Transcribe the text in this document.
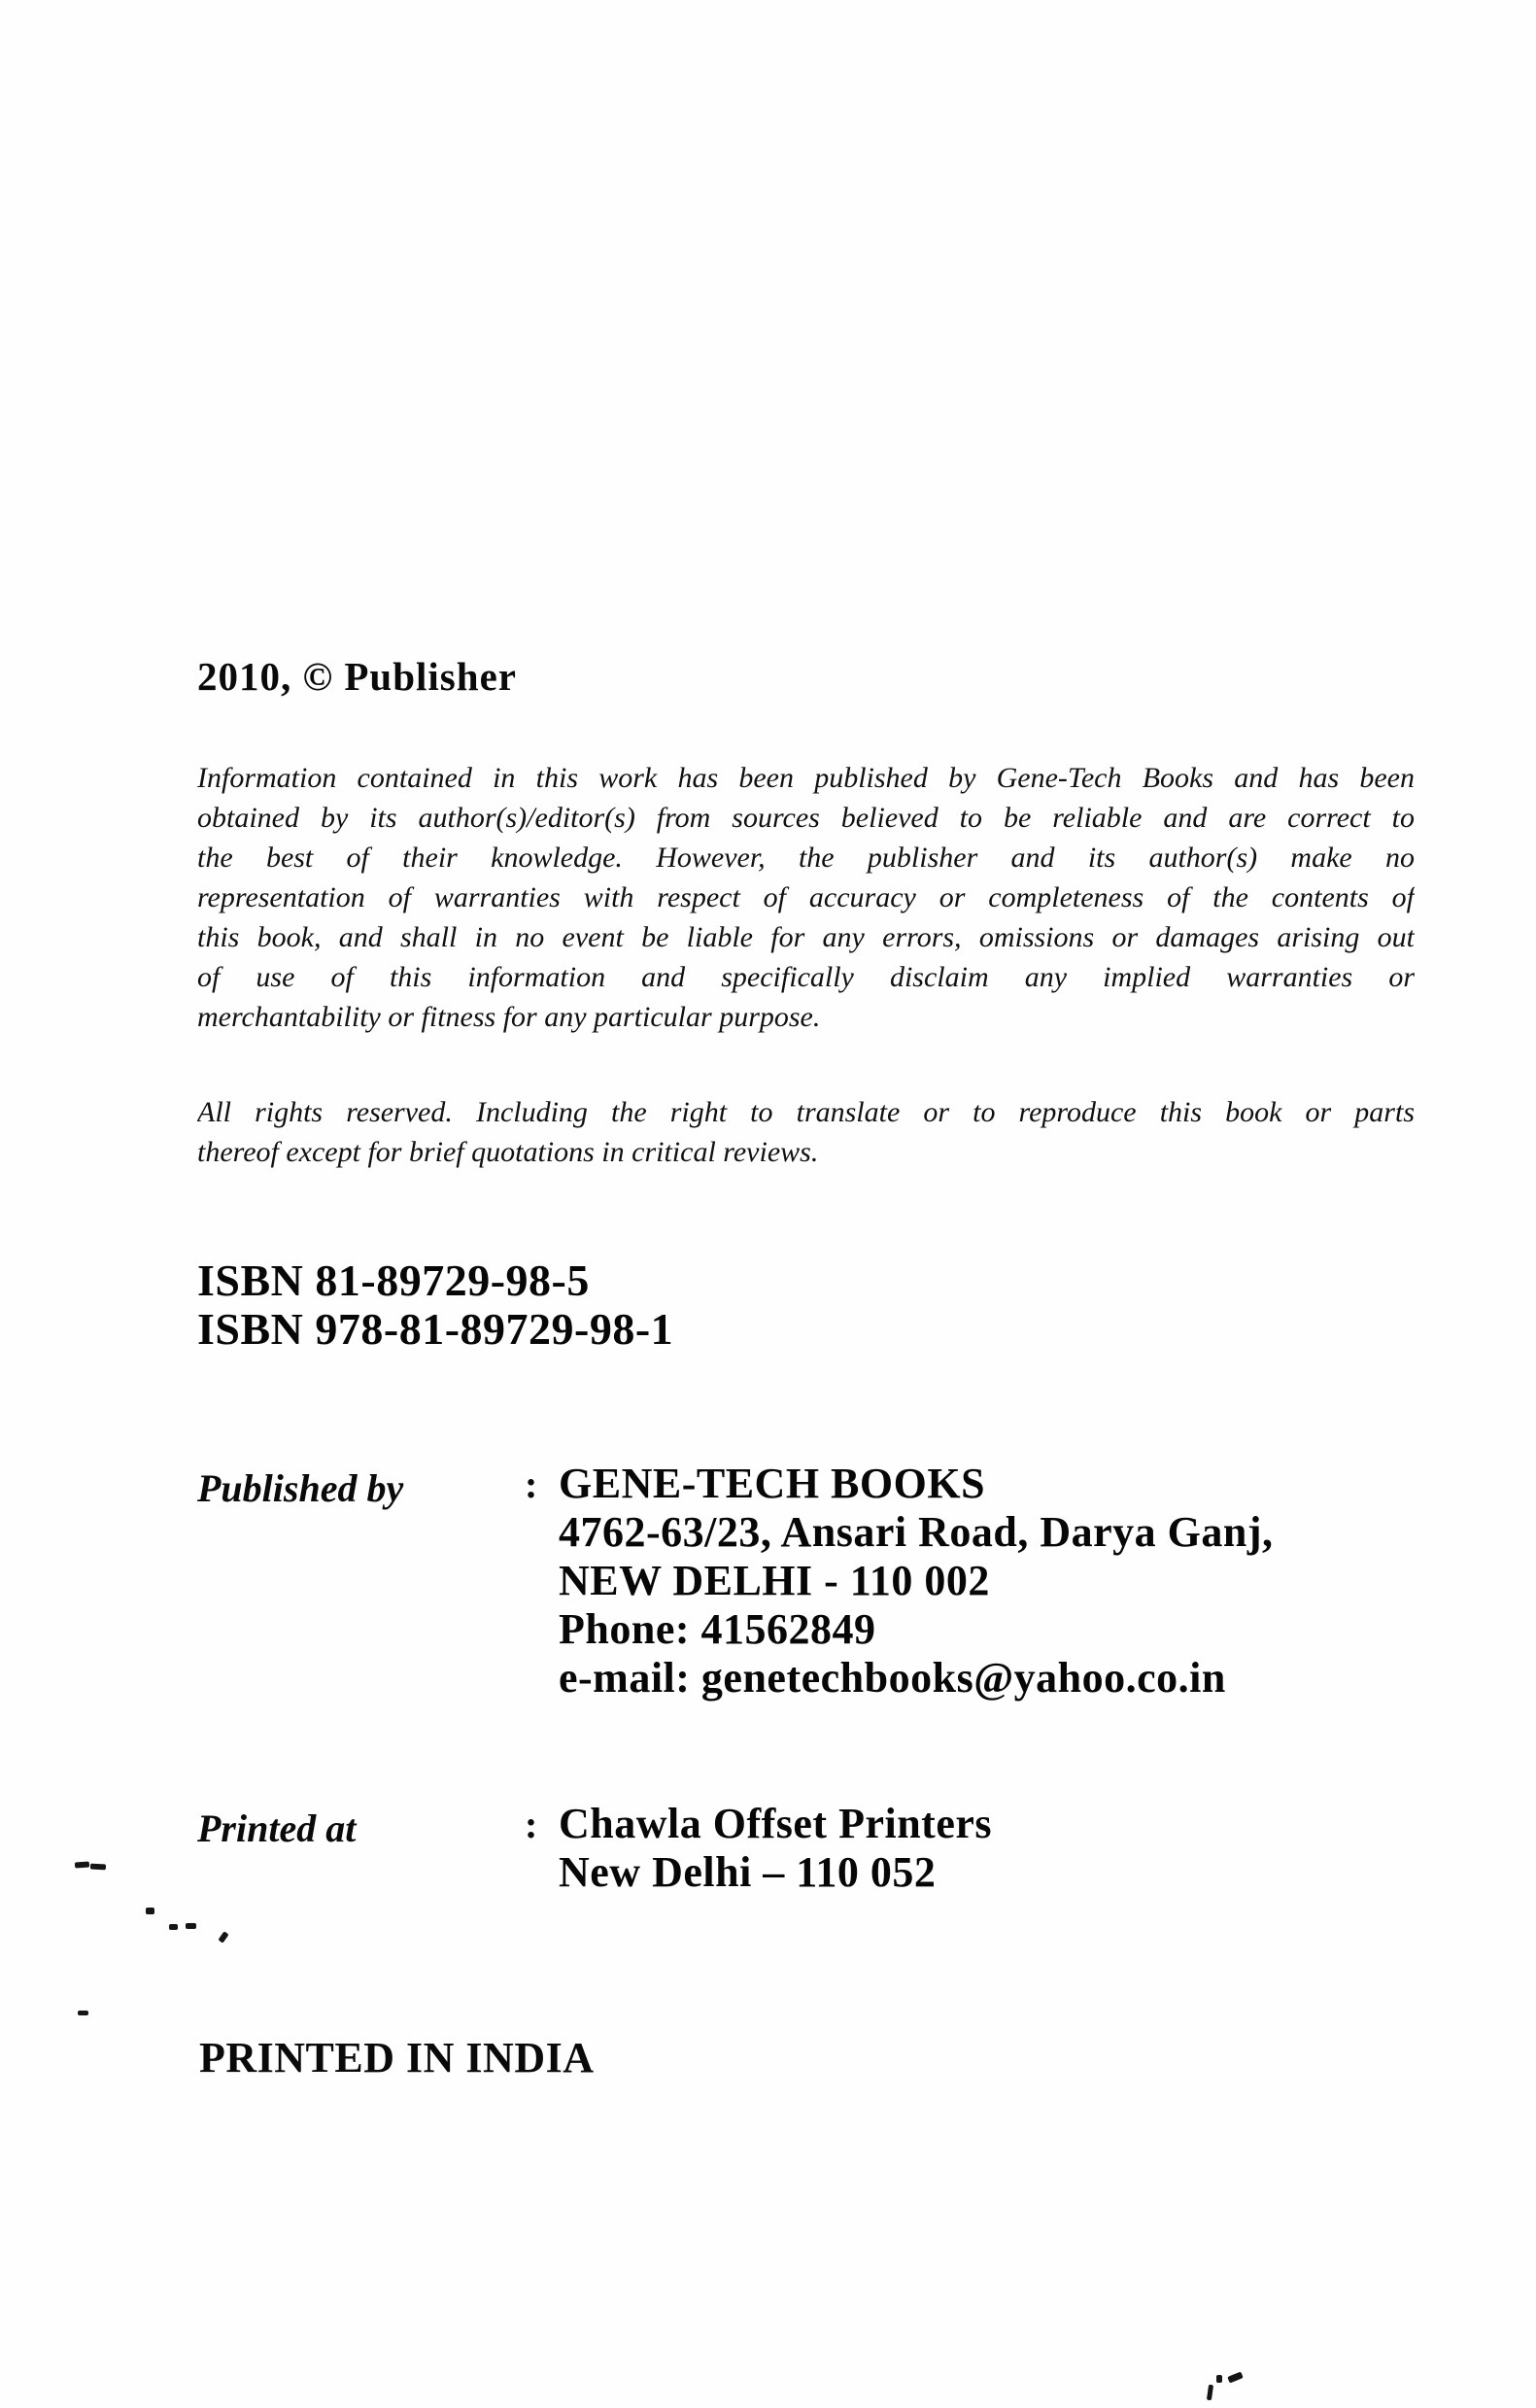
2010, © Publisher
Information contained in this work has been published by Gene-Tech Books and has been
obtained by its author(s)/editor(s) from sources believed to be reliable and are correct to
the best of their knowledge. However, the publisher and its author(s) make no
representation of warranties with respect of accuracy or completeness of the contents of
this book, and shall in no event be liable for any errors, omissions or damages arising out
of use of this information and specifically disclaim any implied warranties or
merchantability or fitness for any particular purpose.
All rights reserved. Including the right to translate or to reproduce this book or parts
thereof except for brief quotations in critical reviews.
ISBN 81-89729-98-5
ISBN 978-81-89729-98-1
Published by	: GENE-TECH BOOKS
4762-63/23, Ansari Road, Darya Ganj,
NEW DELHI - 110 002
Phone: 41562849
e-mail: genetechbooks@yahoo.co.in
Printed at	: Chawla Offset Printers
New Delhi – 110 052
PRINTED IN INDIA
